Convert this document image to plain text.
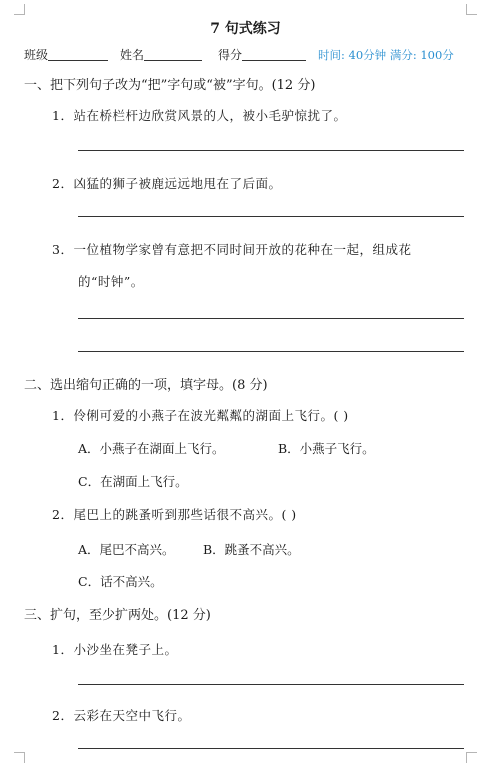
7 句式练习
班级	姓名	得分	时间: 40分钟 满分: 100分
一、把下列句子改为“把”字句或“被”字句。(12 分)
1．站在桥栏杆边欣赏风景的人，被小毛驴惊扰了。
2．凶猛的狮子被鹿远远地甩在了后面。
3．一位植物学家曾有意把不同时间开放的花种在一起，组成花
的“时钟”。
二、选出缩句正确的一项，填字母。(8 分)
1．伶俐可爱的小燕子在波光粼粼的湖面上飞行。( )
A．小燕子在湖面上飞行。	B．小燕子飞行。
C．在湖面上飞行。
2．尾巴上的跳蚤听到那些话很不高兴。( )
A．尾巴不高兴。 B．跳蚤不高兴。
C．话不高兴。
三、扩句，至少扩两处。(12 分)
1．小沙坐在凳子上。
2．云彩在天空中飞行。
